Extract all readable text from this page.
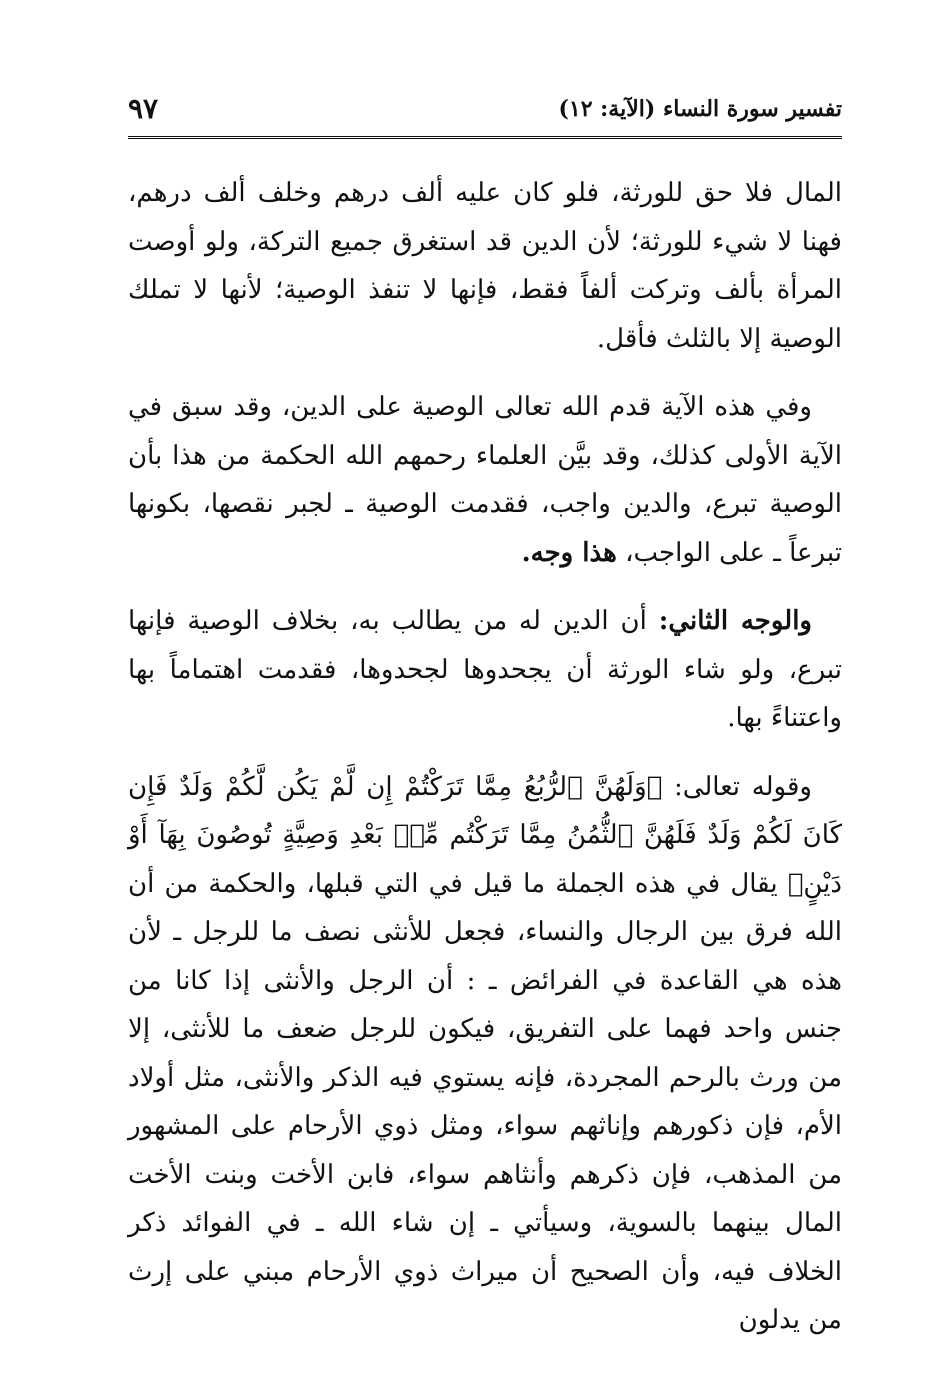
تفسير سورة النساء (الآية: ١٢)
٩٧

المال فلا حق للورثة، فلو كان عليه ألف درهم وخلف ألف درهم، فهنا لا شيء للورثة؛ لأن الدين قد استغرق جميع التركة، ولو أوصت المرأة بألف وتركت ألفاً فقط، فإنها لا تنفذ الوصية؛ لأنها لا تملك الوصية إلا بالثلث فأقل.

وفي هذه الآية قدم الله تعالى الوصية على الدين، وقد سبق في الآية الأولى كذلك، وقد بيَّن العلماء رحمهم الله الحكمة من هذا بأن الوصية تبرع، والدين واجب، فقدمت الوصية ـ لجبر نقصها، بكونها تبرعاً ـ على الواجب، هذا وجه.

والوجه الثاني: أن الدين له من يطالب به، بخلاف الوصية فإنها تبرع، ولو شاء الورثة أن يجحدوها لجحدوها، فقدمت اهتماماً بها واعتناءً بها.

وقوله تعالى: ﴿وَلَهُنَّ ٱلرُّبُعُ مِمَّا تَرَكْتُمْ إِن لَّمْ يَكُن لَّكُمْ وَلَدٌ فَإِن كَانَ لَكُمْ وَلَدٌ فَلَهُنَّ ٱلثُّمُنُ مِمَّا تَرَكْتُم مِّنۢ بَعْدِ وَصِيَّةٍ تُوصُونَ بِهَآ أَوْ دَيْنٍ﴾ يقال في هذه الجملة ما قيل في التي قبلها، والحكمة من أن الله فرق بين الرجال والنساء، فجعل للأنثى نصف ما للرجل ـ لأن هذه هي القاعدة في الفرائض ـ : أن الرجل والأنثى إذا كانا من جنس واحد فهما على التفريق، فيكون للرجل ضعف ما للأنثى، إلا من ورث بالرحم المجردة، فإنه يستوي فيه الذكر والأنثى، مثل أولاد الأم، فإن ذكورهم وإناثهم سواء، ومثل ذوي الأرحام على المشهور من المذهب، فإن ذكرهم وأنثاهم سواء، فابن الأخت وبنت الأخت المال بينهما بالسوية، وسيأتي ـ إن شاء الله ـ في الفوائد ذكر الخلاف فيه، وأن الصحيح أن ميراث ذوي الأرحام مبني على إرث من يدلون
